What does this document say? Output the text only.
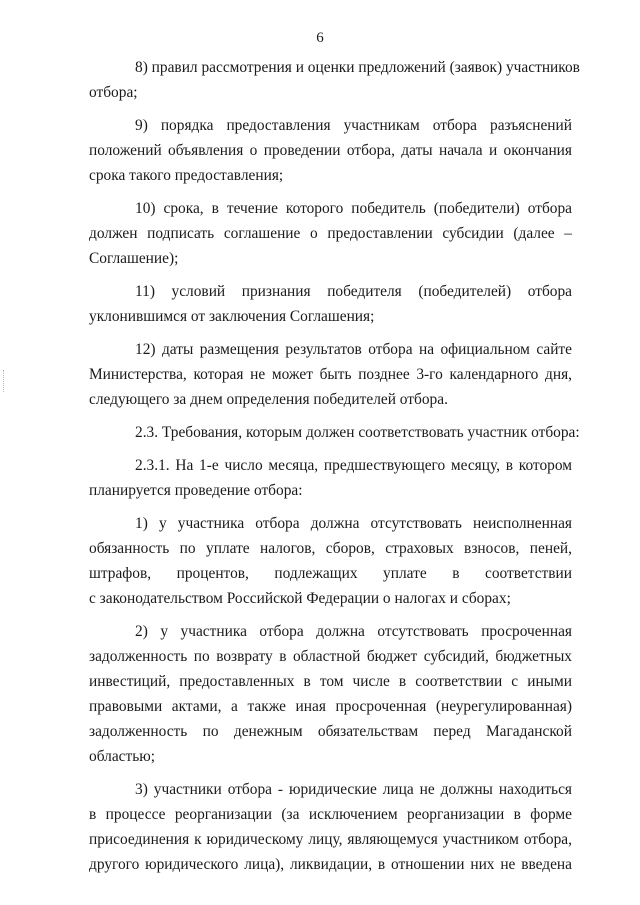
6
8) правил рассмотрения и оценки предложений (заявок) участников
отбора;
9) порядка предоставления участникам отбора разъяснений
положений объявления о проведении отбора, даты начала и окончания
срока такого предоставления;
10) срока, в течение которого победитель (победители) отбора
должен подписать соглашение о предоставлении субсидии (далее –
Соглашение);
11) условий признания победителя (победителей) отбора
уклонившимся от заключения Соглашения;
12) даты размещения результатов отбора на официальном сайте
Министерства, которая не может быть позднее 3-го календарного дня,
следующего за днем определения победителей отбора.
2.3. Требования, которым должен соответствовать участник отбора:
2.3.1. На 1-е число месяца, предшествующего месяцу, в котором
планируется проведение отбора:
1) у участника отбора должна отсутствовать неисполненная
обязанность по уплате налогов, сборов, страховых взносов, пеней,
штрафов, процентов, подлежащих уплате в соответствии
с законодательством Российской Федерации о налогах и сборах;
2) у участника отбора должна отсутствовать просроченная
задолженность по возврату в областной бюджет субсидий, бюджетных
инвестиций, предоставленных в том числе в соответствии с иными
правовыми актами, а также иная просроченная (неурегулированная)
задолженность по денежным обязательствам перед Магаданской
областью;
3) участники отбора - юридические лица не должны находиться
в процессе реорганизации (за исключением реорганизации в форме
присоединения к юридическому лицу, являющемуся участником отбора,
другого юридического лица), ликвидации, в отношении них не введена
